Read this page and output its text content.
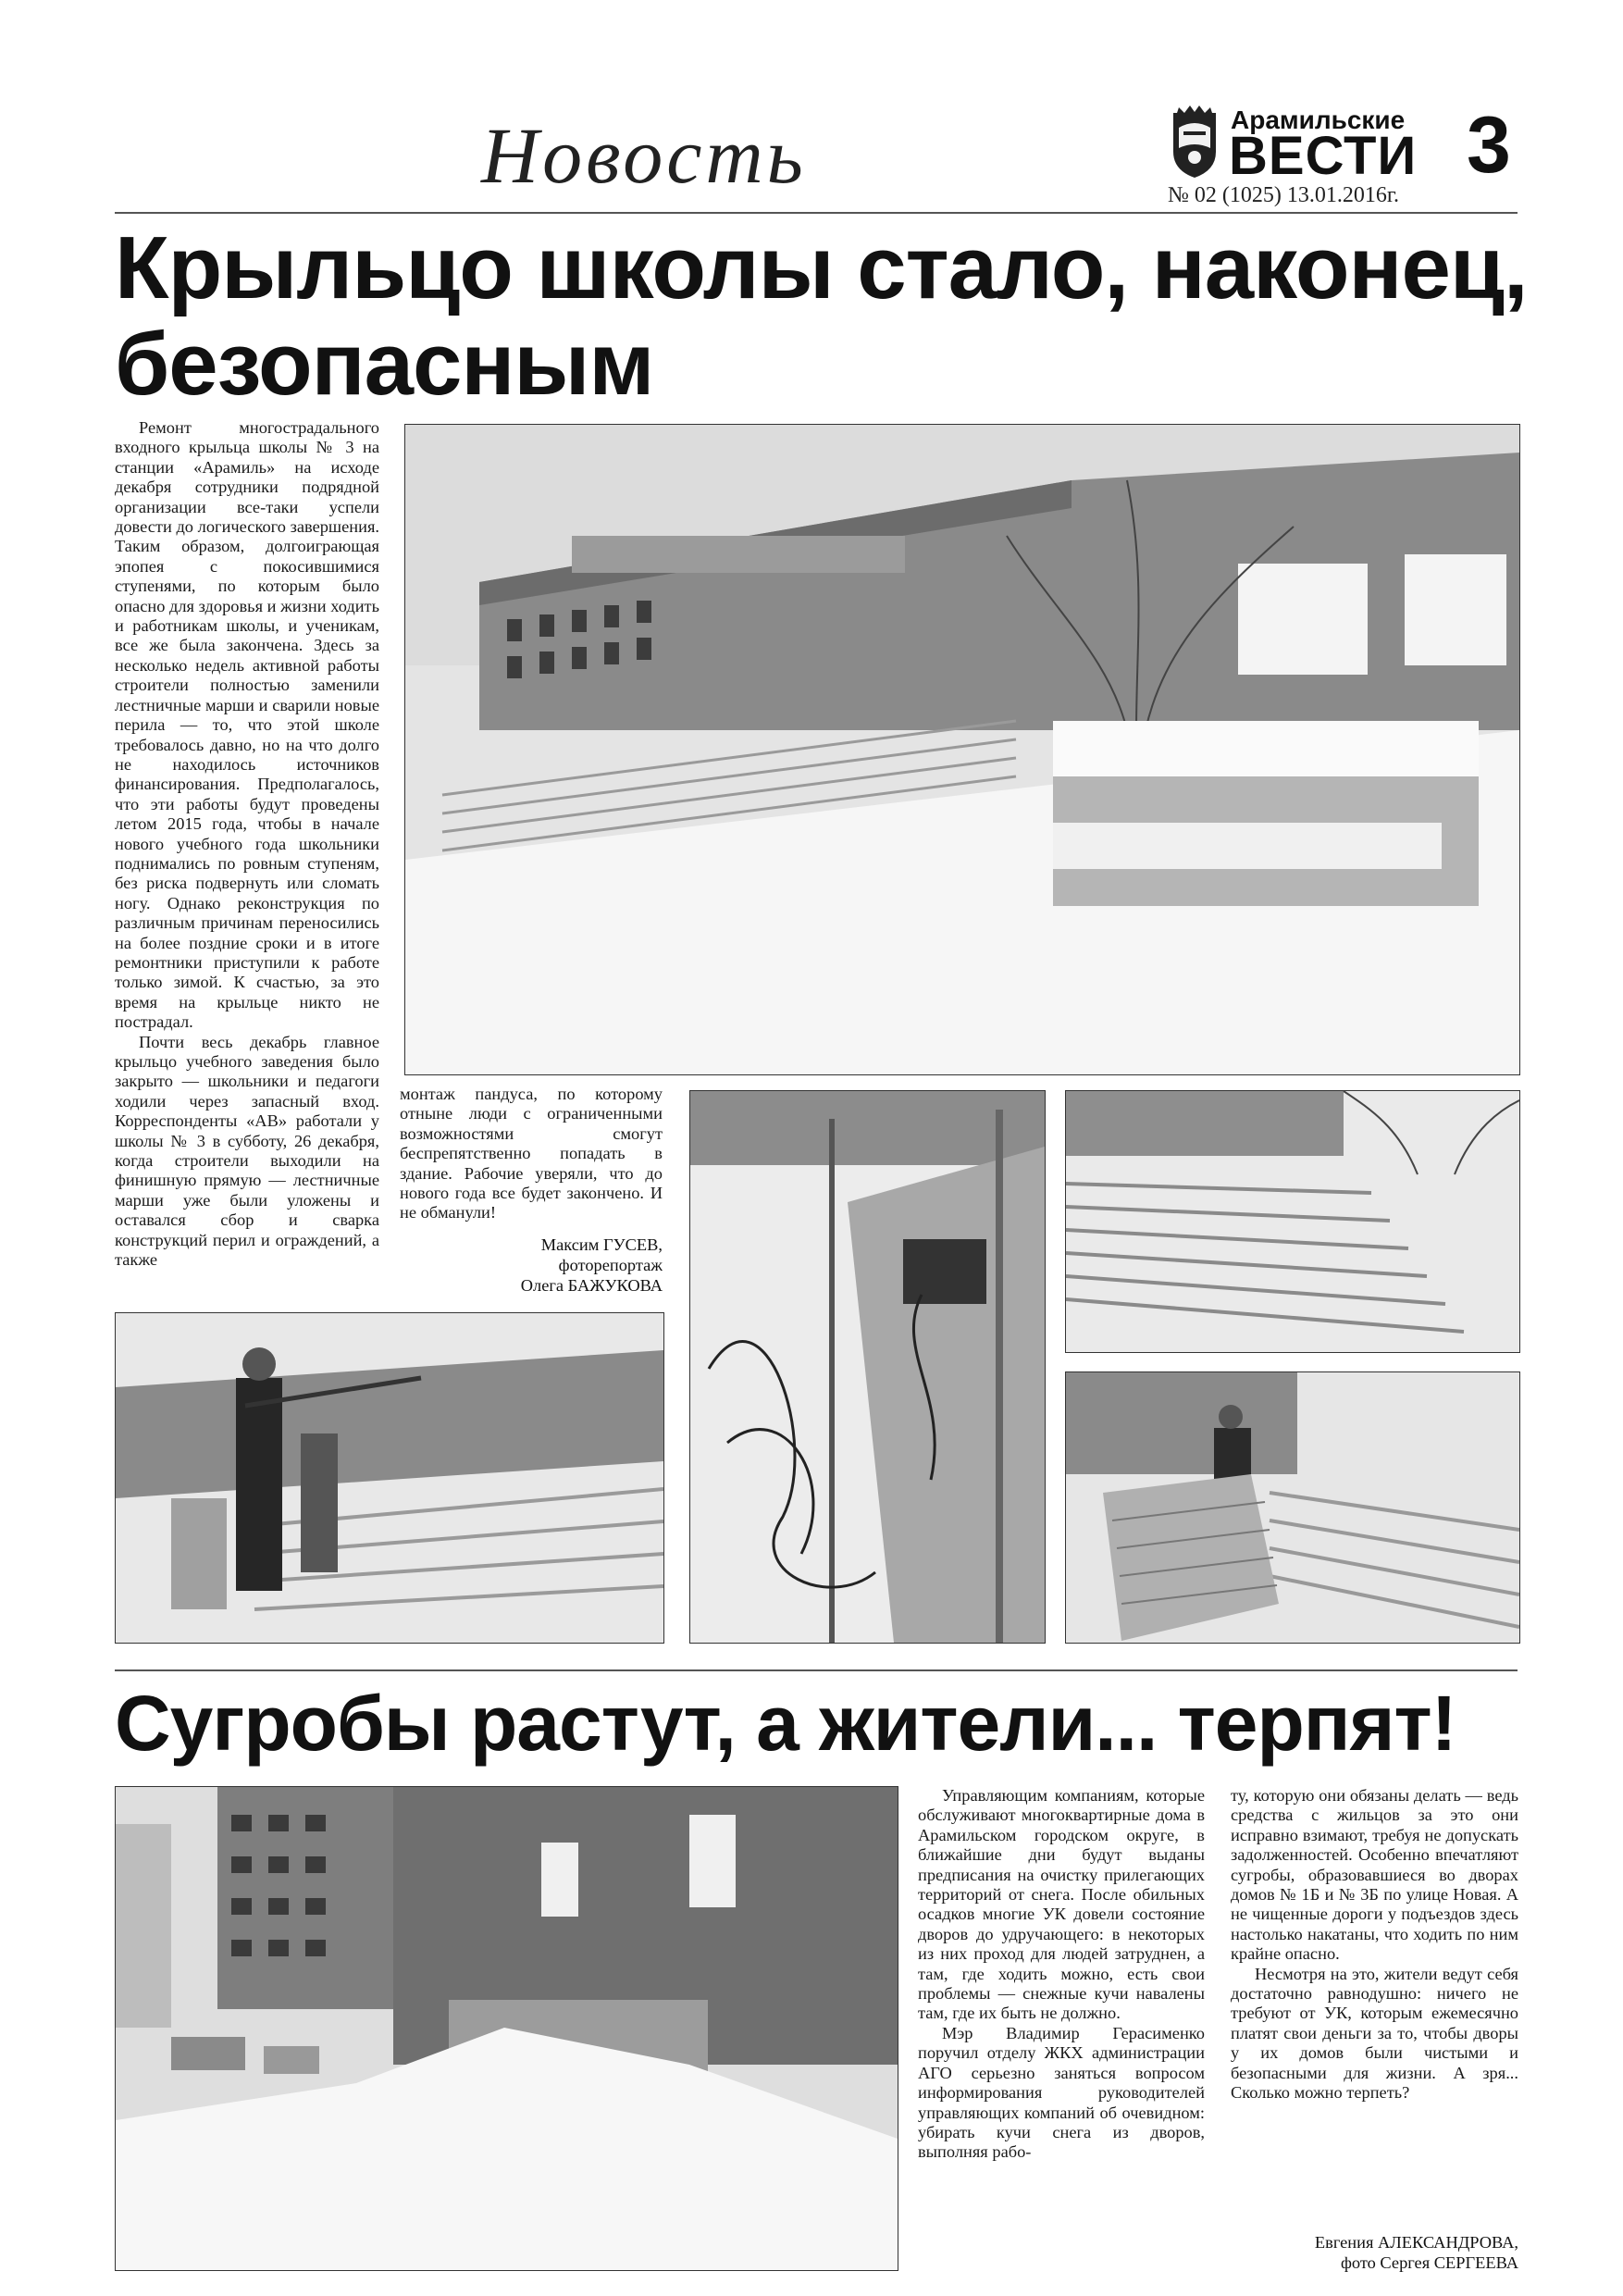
Новость	Арамильские
ВЕСТИ
№ 02 (1025) 13.01.2016г.
3
Крыльцо школы стало, наконец,
безопасным

Ремонт многострадального входного крыльца школы № 3 на станции «Арамиль» на исходе декабря сотрудники подрядной организации все-таки успели довести до логического завершения. Таким образом, долгоиграющая эпопея с покосившимися ступенями, по которым было опасно для здоровья и жизни ходить и работникам школы, и ученикам, все же была закончена. Здесь за несколько недель активной работы строители полностью заменили лестничные марши и сварили новые перила — то, что этой школе требовалось давно, но на что долго не находилось источников финансирования. Предполагалось, что эти работы будут проведены летом 2015 года, чтобы в начале нового учебного года школьники поднимались по ровным ступеням, без риска подвернуть или сломать ногу. Однако реконструкция по различным причинам переносились на более поздние сроки и в итоге ремонтники приступили к работе только зимой. К счастью, за это время на крыльце никто не пострадал.

Почти весь декабрь главное крыльцо учебного заведения было закрыто — школьники и педагоги ходили через запасный вход. Корреспонденты «АВ» работали у школы № 3 в субботу, 26 декабря, когда строители выходили на финишную прямую — лестничные марши уже были уложены и оставался сбор и сварка конструкций перил и ограждений, а также

монтаж пандуса, по которому отныне люди с ограниченными возможностями смогут беспрепятственно попадать в здание. Рабочие уверяли, что до нового года все будет закончено. И не обманули!

Максим ГУСЕВ,
фоторепортаж
Олега БАЖУКОВА
Сугробы растут, а жители... терпят!

Управляющим компаниям, которые обслуживают многоквартирные дома в Арамильском городском округе, в ближайшие дни будут выданы предписания на очистку прилегающих территорий от снега. После обильных осадков многие УК довели состояние дворов до удручающего: в некоторых из них проход для людей затруднен, а там, где ходить можно, есть свои проблемы — снежные кучи навалены там, где их быть не должно.

Мэр Владимир Герасименко поручил отделу ЖКХ администрации АГО серьезно заняться вопросом информирования руководителей управляющих компаний об очевидном: убирать кучи снега из дворов, выполняя рабо-

ту, которую они обязаны делать — ведь средства с жильцов за это они исправно взимают, требуя не допускать задолженностей. Особенно впечатляют сугробы, образовавшиеся во дворах домов № 1Б и № 3Б по улице Новая. А не чищенные дороги у подъездов здесь настолько накатаны, что ходить по ним крайне опасно.

Несмотря на это, жители ведут себя достаточно равнодушно: ничего не требуют от УК, которым ежемесячно платят свои деньги за то, чтобы дворы у их домов были чистыми и безопасными для жизни. А зря... Сколько можно терпеть?

Евгения АЛЕКСАНДРОВА,
фото Сергея СЕРГЕЕВА
